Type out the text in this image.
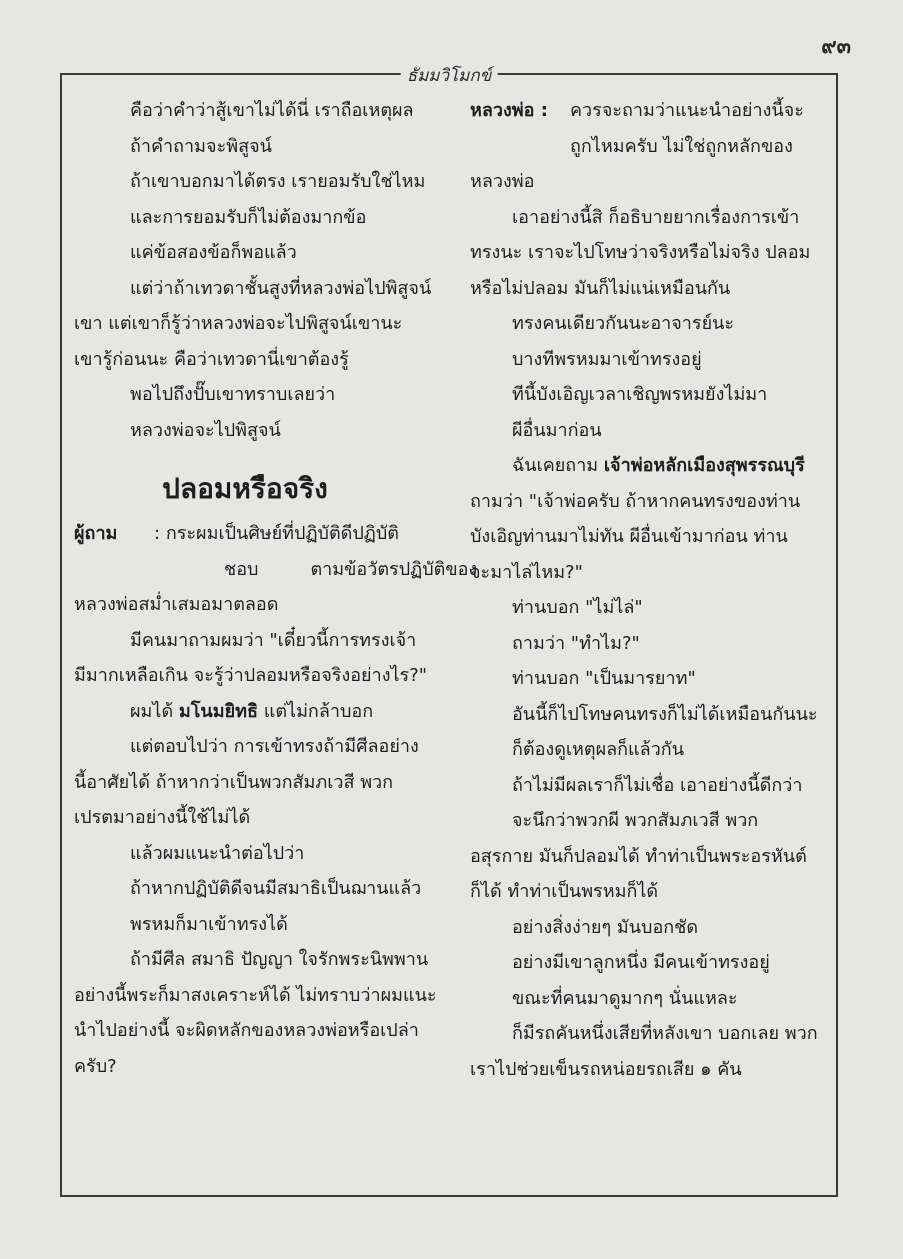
๙๓
ธัมมวิโมกข์
คือว่าคำว่าสู้เขาไม่ได้นี่ เราถือเหตุผล
ถ้าคำถามจะพิสูจน์
ถ้าเขาบอกมาได้ตรง เรายอมรับใช่ไหม
และการยอมรับก็ไม่ต้องมากข้อ
แค่ข้อสองข้อก็พอแล้ว
แต่ว่าถ้าเทวดาชั้นสูงที่หลวงพ่อไปพิสูจน์
เขา แต่เขาก็รู้ว่าหลวงพ่อจะไปพิสูจน์เขานะ
เขารู้ก่อนนะ คือว่าเทวดานี่เขาต้องรู้
พอไปถึงปั๊บเขาทราบเลยว่า
หลวงพ่อจะไปพิสูจน์
ปลอมหรือจริง
ผู้ถาม : กระผมเป็นศิษย์ที่ปฏิบัติดีปฏิบัติ
ชอบ	ตามข้อวัตรปฏิบัติของ
หลวงพ่อสม่ำเสมอมาตลอด
มีคนมาถามผมว่า "เดี๋ยวนี้การทรงเจ้า
มีมากเหลือเกิน จะรู้ว่าปลอมหรือจริงอย่างไร?"
ผมได้ มโนมยิทธิ แต่ไม่กล้าบอก
แต่ตอบไปว่า การเข้าทรงถ้ามีศีลอย่าง
นี้อาศัยได้ ถ้าหากว่าเป็นพวกสัมภเวสี พวก
เปรตมาอย่างนี้ใช้ไม่ได้
แล้วผมแนะนำต่อไปว่า
ถ้าหากปฏิบัติดีจนมีสมาธิเป็นฌานแล้ว
พรหมก็มาเข้าทรงได้
ถ้ามีศีล สมาธิ ปัญญา ใจรักพระนิพพาน
อย่างนี้พระก็มาสงเคราะห์ได้ ไม่ทราบว่าผมแนะ
นำไปอย่างนี้ จะผิดหลักของหลวงพ่อหรือเปล่า
ครับ?
หลวงพ่อ : ควรจะถามว่าแนะนำอย่างนี้จะ
ถูกไหมครับ ไม่ใช่ถูกหลักของ
หลวงพ่อ
เอาอย่างนี้สิ ก็อธิบายยากเรื่องการเข้า
ทรงนะ เราจะไปโทษว่าจริงหรือไม่จริง ปลอม
หรือไม่ปลอม มันก็ไม่แน่เหมือนกัน
ทรงคนเดียวกันนะอาจารย์นะ
บางทีพรหมมาเข้าทรงอยู่
ทีนี้บังเอิญเวลาเชิญพรหมยังไม่มา
ผีอื่นมาก่อน
ฉันเคยถาม เจ้าพ่อหลักเมืองสุพรรณบุรี
ถามว่า "เจ้าพ่อครับ ถ้าหากคนทรงของท่าน
บังเอิญท่านมาไม่ทัน ผีอื่นเข้ามาก่อน ท่าน
จะมาไล่ไหม?"
ท่านบอก "ไม่ไล่"
ถามว่า "ทำไม?"
ท่านบอก "เป็นมารยาท"
อันนี้ก็ไปโทษคนทรงก็ไม่ได้เหมือนกันนะ
ก็ต้องดูเหตุผลก็แล้วกัน
ถ้าไม่มีผลเราก็ไม่เชื่อ เอาอย่างนี้ดีกว่า
จะนึกว่าพวกผี พวกสัมภเวสี พวก
อสุรกาย มันก็ปลอมได้ ทำท่าเป็นพระอรหันต์
ก็ได้ ทำท่าเป็นพรหมก็ได้
อย่างสิ่งง่ายๆ มันบอกชัด
อย่างมีเขาลูกหนึ่ง มีคนเข้าทรงอยู่
ขณะที่คนมาดูมากๆ นั่นแหละ
ก็มีรถคันหนึ่งเสียที่หลังเขา บอกเลย พวก
เราไปช่วยเข็นรถหน่อยรถเสีย ๑ คัน
